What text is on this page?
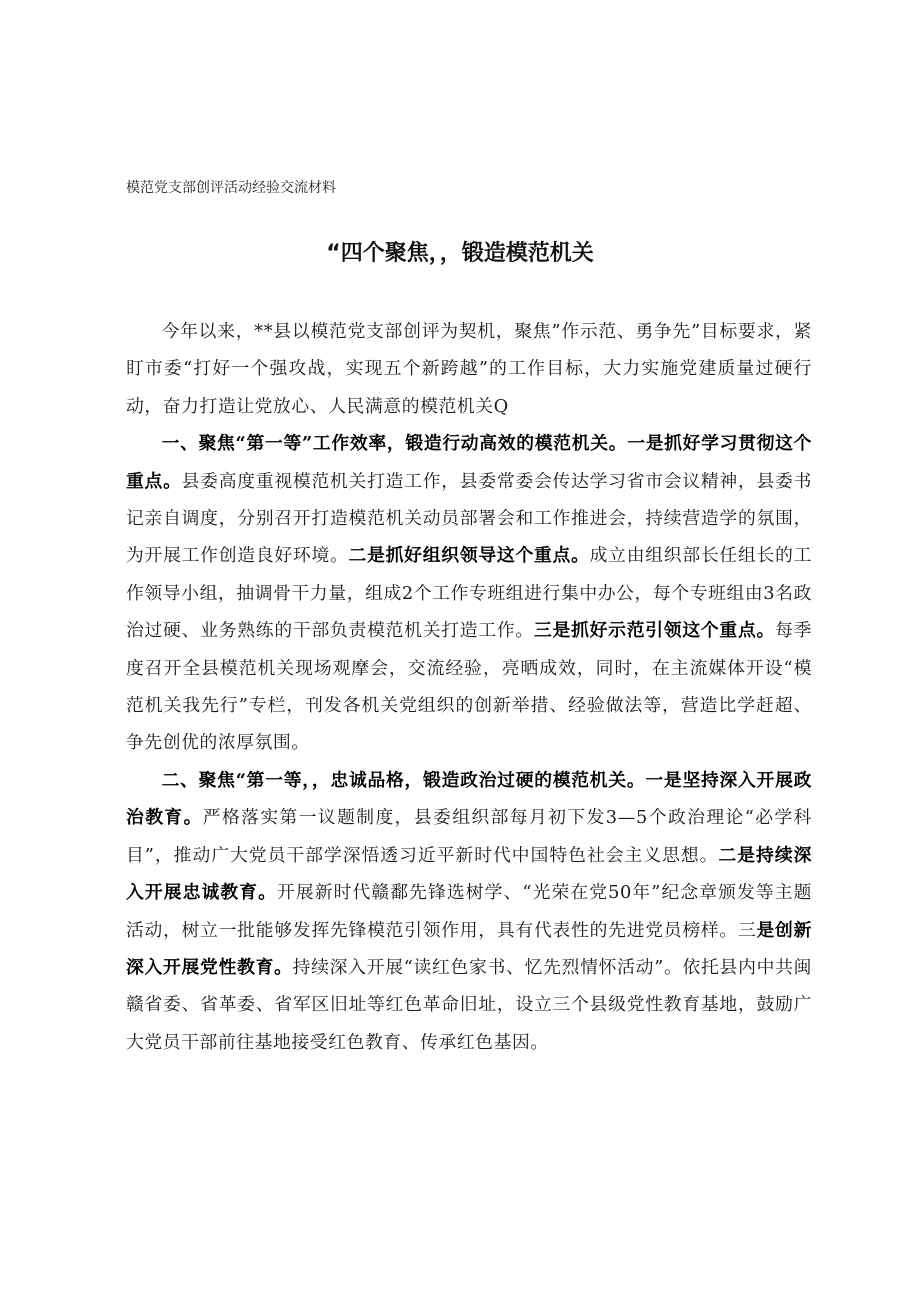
模范党支部创评活动经验交流材料
“四个聚焦，，锻造模范机关

今年以来，**县以模范党支部创评为契机，聚焦”作示范、勇争先”目标要求，紧盯市委“打好一个强攻战，实现五个新跨越”的工作目标，大力实施党建质量过硬行动，奋力打造让党放心、人民满意的模范机关Q

一、聚焦“第一等”工作效率，锻造行动高效的模范机关。一是抓好学习贯彻这个重点。县委高度重视模范机关打造工作，县委常委会传达学习省市会议精神，县委书记亲自调度，分别召开打造模范机关动员部署会和工作推进会，持续营造学的氛围，为开展工作创造良好环境。二是抓好组织领导这个重点。成立由组织部长任组长的工作领导小组，抽调骨干力量，组成2个工作专班组进行集中办公，每个专班组由3名政治过硬、业务熟练的干部负责模范机关打造工作。三是抓好示范引领这个重点。每季度召开全县模范机关现场观摩会，交流经验，亮晒成效，同时，在主流媒体开设“模范机关我先行”专栏，刊发各机关党组织的创新举措、经验做法等，营造比学赶超、争先创优的浓厚氛围。

二、聚焦“第一等，，忠诚品格，锻造政治过硬的模范机关。一是坚持深入开展政治教育。严格落实第一议题制度，县委组织部每月初下发3—5个政治理论“必学科目”，推动广大党员干部学深悟透习近平新时代中国特色社会主义思想。二是持续深入开展忠诚教育。开展新时代赣鄱先锋选树学、“光荣在党50年”纪念章颁发等主题活动，树立一批能够发挥先锋模范引领作用，具有代表性的先进党员榜样。三是创新深入开展党性教育。持续深入开展“读红色家书、忆先烈情怀活动”。依托县内中共闽赣省委、省革委、省军区旧址等红色革命旧址，设立三个县级党性教育基地，鼓励广大党员干部前往基地接受红色教育、传承红色基因。
